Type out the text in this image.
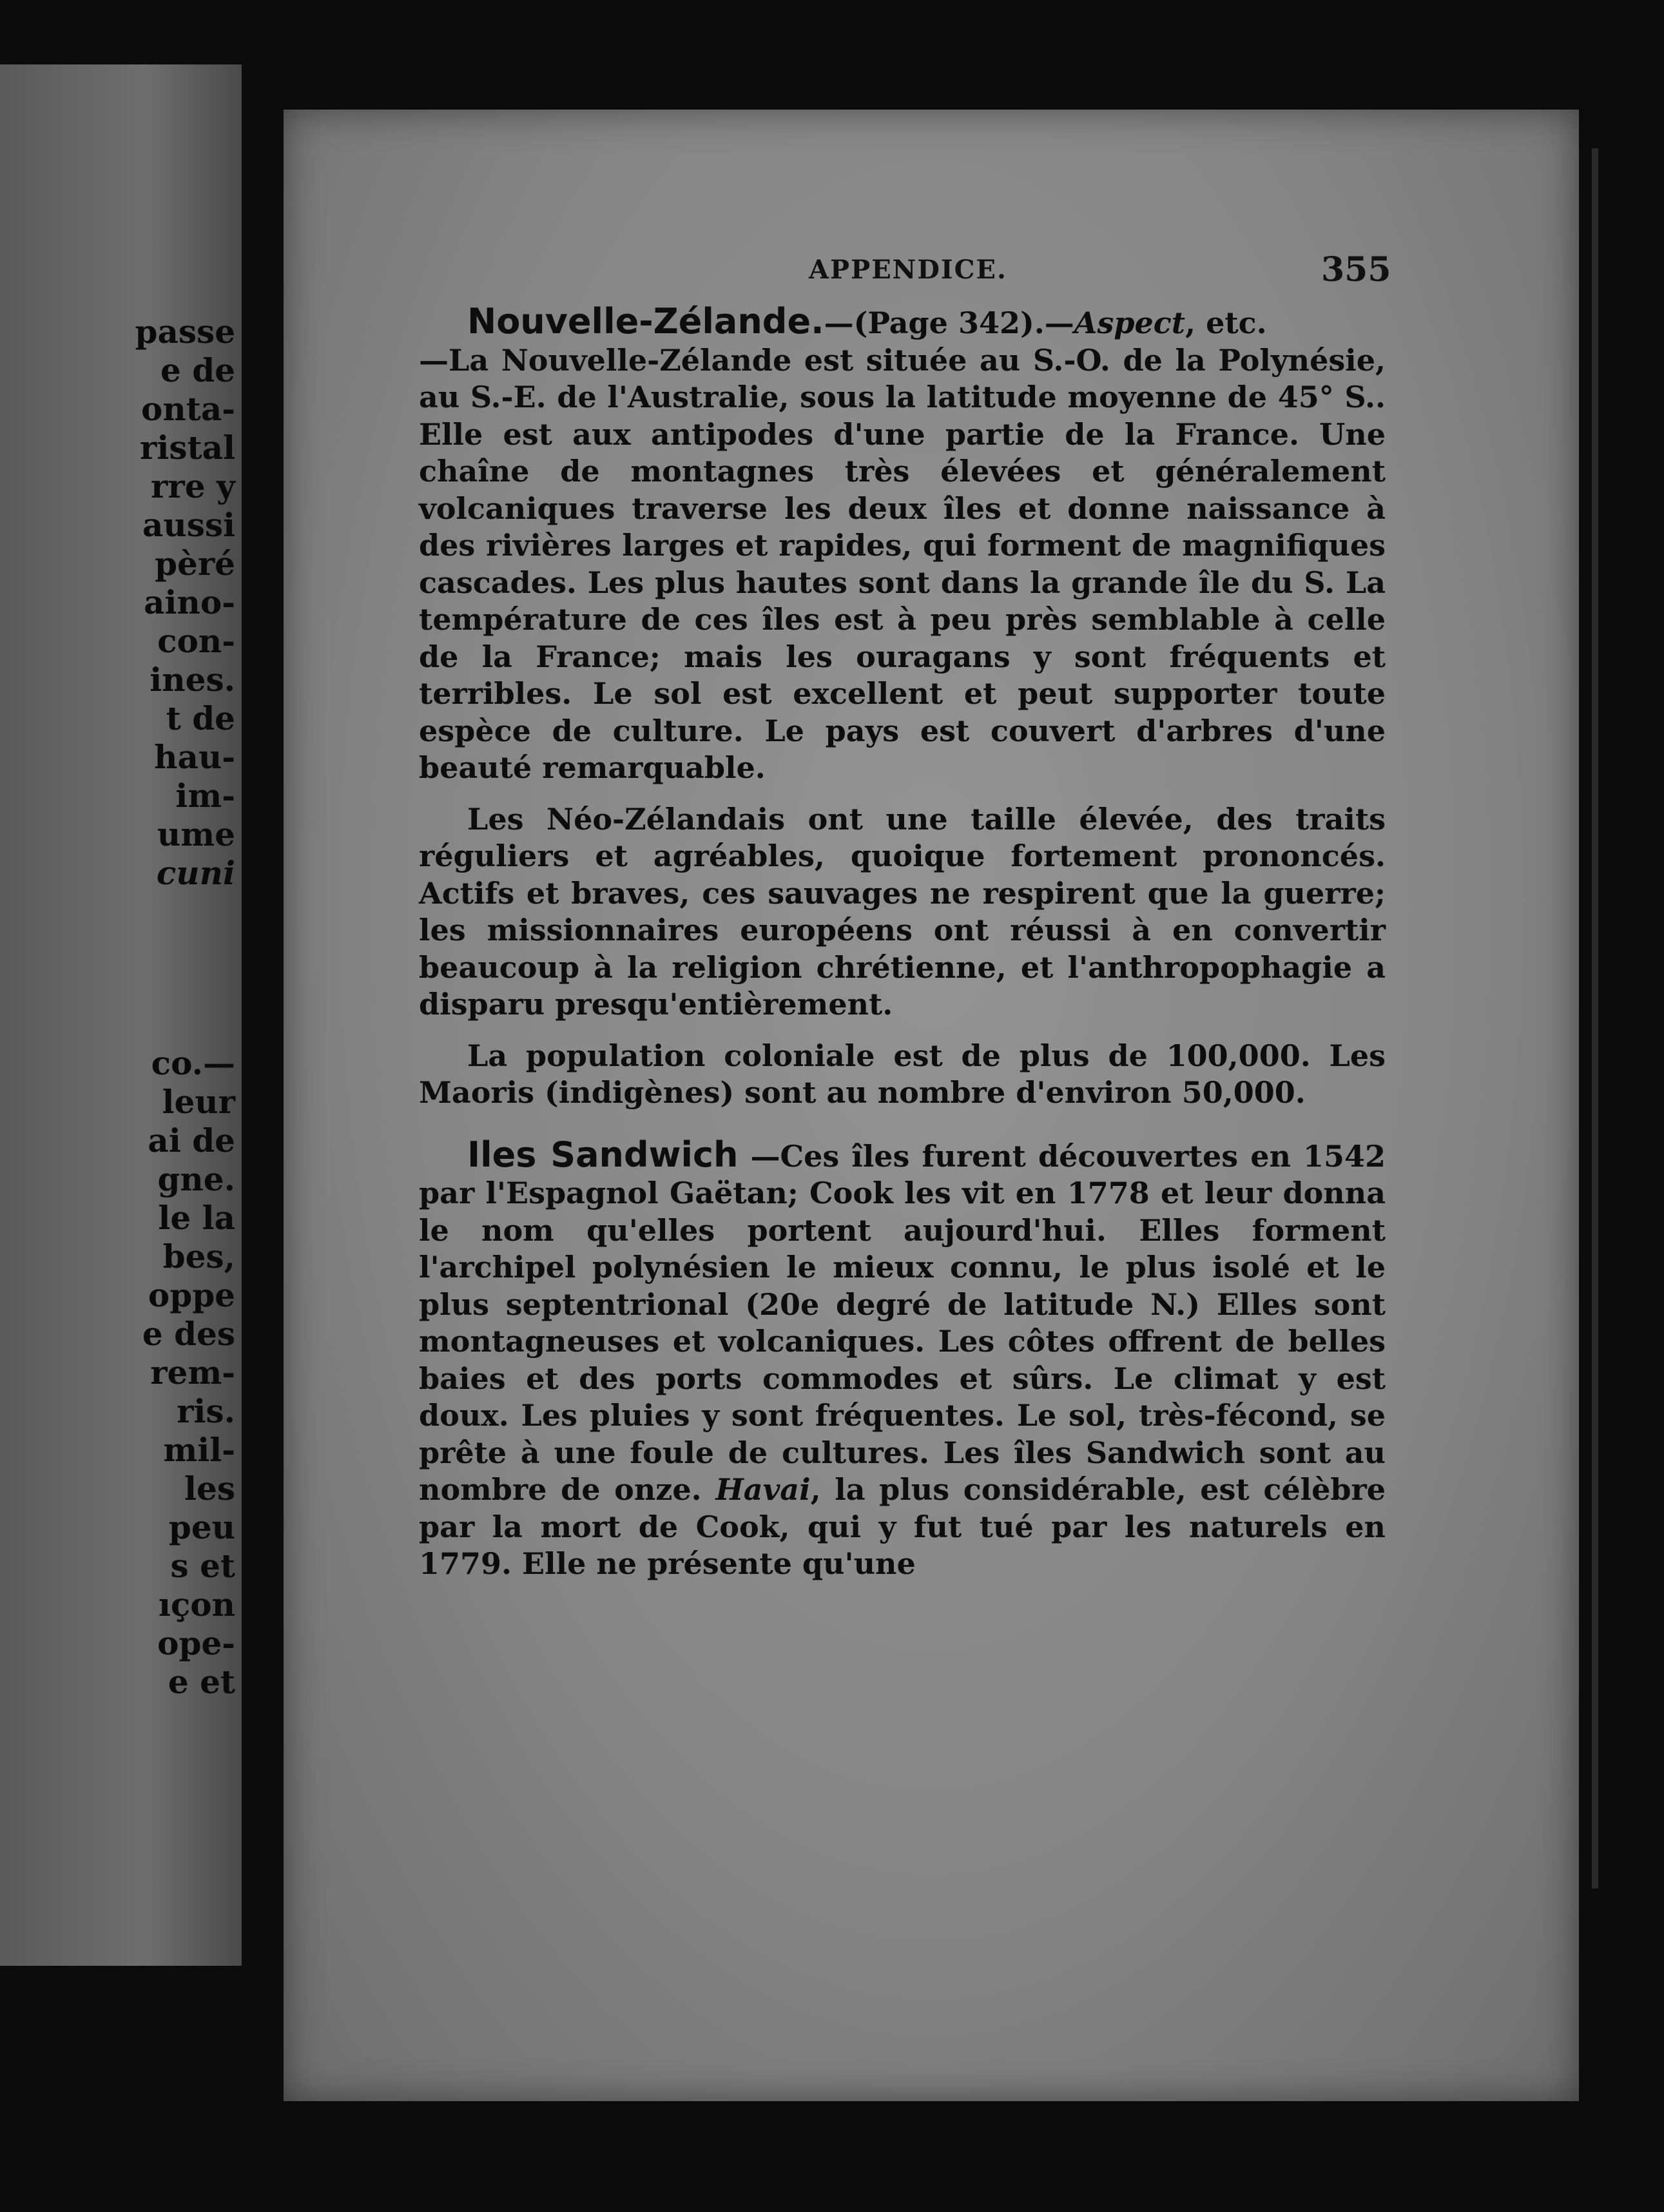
passe
e de
onta-
ristal
rre y
aussi
pèré
aino-
con-
ines.
t de
hau-
im-
ume
cuni
co.—
leur
ai de
gne.
le la
bes,
oppe
e des
rem-
ris.
mil-
les
peu
s et
ıçon
ope-
e et
APPENDICE.	355

Nouvelle-Zélande.—(Page 342).—Aspect, etc.
—La Nouvelle-Zélande est située au S.-O. de la Polynésie, au S.-E. de l'Australie, sous la latitude moyenne de 45° S.. Elle est aux antipodes d'une partie de la France. Une chaîne de montagnes très élevées et généralement volcaniques traverse les deux îles et donne naissance à des rivières larges et rapides, qui forment de magnifiques cascades. Les plus hautes sont dans la grande île du S. La température de ces îles est à peu près semblable à celle de la France; mais les ouragans y sont fréquents et terribles. Le sol est excellent et peut supporter toute espèce de culture. Le pays est couvert d'arbres d'une beauté remarquable.

Les Néo-Zélandais ont une taille élevée, des traits réguliers et agréables, quoique fortement prononcés. Actifs et braves, ces sauvages ne respirent que la guerre; les missionnaires européens ont réussi à en convertir beaucoup à la religion chrétienne, et l'anthropophagie a disparu presqu'entièrement.

La population coloniale est de plus de 100,000. Les Maoris (indigènes) sont au nombre d'environ 50,000.

Iles Sandwich —Ces îles furent découvertes en 1542 par l'Espagnol Gaëtan; Cook les vit en 1778 et leur donna le nom qu'elles portent aujourd'hui. Elles forment l'archipel polynésien le mieux connu, le plus isolé et le plus septentrional (20e degré de latitude N.) Elles sont montagneuses et volcaniques. Les côtes offrent de belles baies et des ports commodes et sûrs. Le climat y est doux. Les pluies y sont fréquentes. Le sol, très-fécond, se prête à une foule de cultures. Les îles Sandwich sont au nombre de onze. Havai, la plus considérable, est célèbre par la mort de Cook, qui y fut tué par les naturels en 1779. Elle ne présente qu'une
